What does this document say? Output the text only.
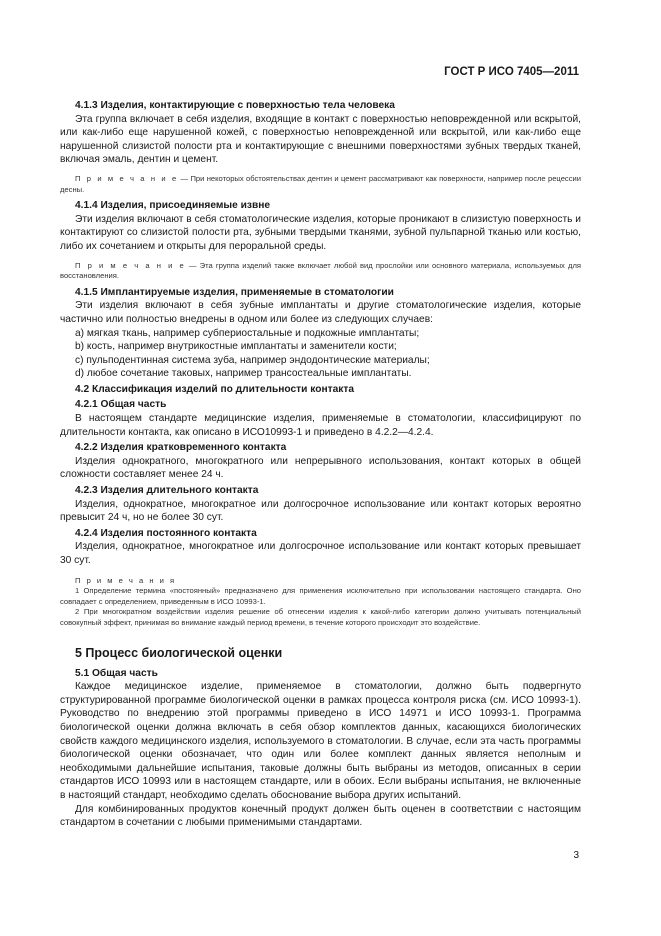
ГОСТ Р ИСО 7405—2011
4.1.3 Изделия, контактирующие с поверхностью тела человека

Эта группа включает в себя изделия, входящие в контакт с поверхностью неповрежденной или вскрытой, или как-либо еще нарушенной кожей, с поверхностью неповрежденной или вскрытой, или как-либо еще нарушенной слизистой полости рта и контактирующие с внешними поверхностями зубных твердых тканей, включая эмаль, дентин и цемент.

П р и м е ч а н и е — При некоторых обстоятельствах дентин и цемент рассматривают как поверхности, например после рецессии десны.

4.1.4 Изделия, присоединяемые извне

Эти изделия включают в себя стоматологические изделия, которые проникают в слизистую поверхность и контактируют со слизистой полости рта, зубными твердыми тканями, зубной пульпарной тканью или костью, либо их сочетанием и открыты для пероральной среды.

П р и м е ч а н и е — Эта группа изделий также включает любой вид прослойки или основного материала, используемых для восстановления.

4.1.5 Имплантируемые изделия, применяемые в стоматологии

Эти изделия включают в себя зубные имплантаты и другие стоматологические изделия, которые частично или полностью внедрены в одном или более из следующих случаев:

a) мягкая ткань, например субпериостальные и подкожные имплантаты;
b) кость, например внутрикостные имплантаты и заменители кости;
c) пульподентинная система зуба, например эндодонтические материалы;
d) любое сочетание таковых, например трансостеальные имплантаты.
4.2 Классификация изделий по длительности контакта
4.2.1 Общая часть

В настоящем стандарте медицинские изделия, применяемые в стоматологии, классифицируют по длительности контакта, как описано в ИСО10993-1 и приведено в 4.2.2—4.2.4.

4.2.2 Изделия кратковременного контакта

Изделия однократного, многократного или непрерывного использования, контакт которых в общей сложности составляет менее 24 ч.

4.2.3 Изделия длительного контакта

Изделия, однократное, многократное или долгосрочное использование или контакт которых вероятно превысит 24 ч, но не более 30 сут.

4.2.4 Изделия постоянного контакта

Изделия, однократное, многократное или долгосрочное использование или контакт которых превышает 30 сут.

П р и м е ч а н и я
1 Определение термина «постоянный» предназначено для применения исключительно при использовании настоящего стандарта. Оно совпадает с определением, приведенным в ИСО 10993-1.
2 При многократном воздействии изделия решение об отнесении изделия к какой-либо категории должно учитывать потенциальный совокупный эффект, принимая во внимание каждый период времени, в течение которого происходит это воздействие.
5 Процесс биологической оценки
5.1 Общая часть

Каждое медицинское изделие, применяемое в стоматологии, должно быть подвергнуто структурированной программе биологической оценки в рамках процесса контроля риска (см. ИСО 10993-1). Руководство по внедрению этой программы приведено в ИСО 14971 и ИСО 10993-1. Программа биологической оценки должна включать в себя обзор комплектов данных, касающихся биологических свойств каждого медицинского изделия, используемого в стоматологии. В случае, если эта часть программы биологической оценки обозначает, что один или более комплект данных является неполным и необходимыми дальнейшие испытания, таковые должны быть выбраны из методов, описанных в серии стандартов ИСО 10993 или в настоящем стандарте, или в обоих. Если выбраны испытания, не включенные в настоящий стандарт, необходимо сделать обоснование выбора других испытаний.

Для комбинированных продуктов конечный продукт должен быть оценен в соответствии с настоящим стандартом в сочетании с любыми применимыми стандартами.

3
